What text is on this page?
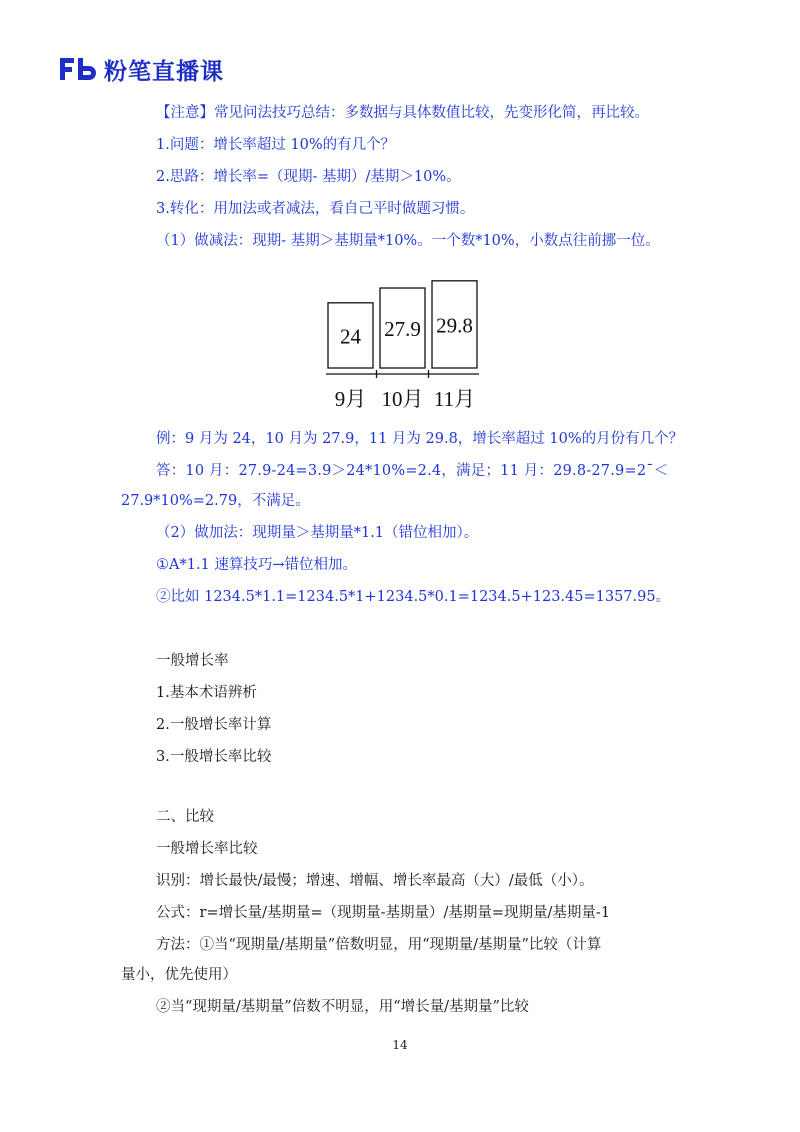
粉笔直播课
【注意】常见问法技巧总结：多数据与具体数值比较，先变形化简，再比较。
1.问题：增长率超过 10%的有几个？
2.思路：增长率=（现期- 基期）/基期＞10%。
3.转化：用加法或者减法，看自己平时做题习惯。
（1）做减法：现期- 基期＞基期量*10%。一个数*10%，小数点往前挪一位。
24 27.9 29.8
9月 10月 11月
例：9 月为 24，10 月为 27.9，11 月为 29.8，增长率超过 10%的月份有几个？
答：10 月：27.9-24=3.9＞24*10%=2.4，满足；11 月：29.8-27.9=2ˉ＜
27.9*10%=2.79，不满足。
（2）做加法：现期量＞基期量*1.1（错位相加）。
①A*1.1 速算技巧→错位相加。
②比如 1234.5*1.1=1234.5*1+1234.5*0.1=1234.5+123.45=1357.95。
一般增长率
1.基本术语辨析
2.一般增长率计算
3.一般增长率比较
二、比较
一般增长率比较
识别：增长最快/最慢；增速、增幅、增长率最高（大）/最低（小）。
公式：r=增长量/基期量=（现期量-基期量）/基期量=现期量/基期量-1
方法：①当“现期量/基期量”倍数明显，用“现期量/基期量”比较（计算
量小，优先使用）
②当“现期量/基期量”倍数不明显，用“增长量/基期量”比较
14
